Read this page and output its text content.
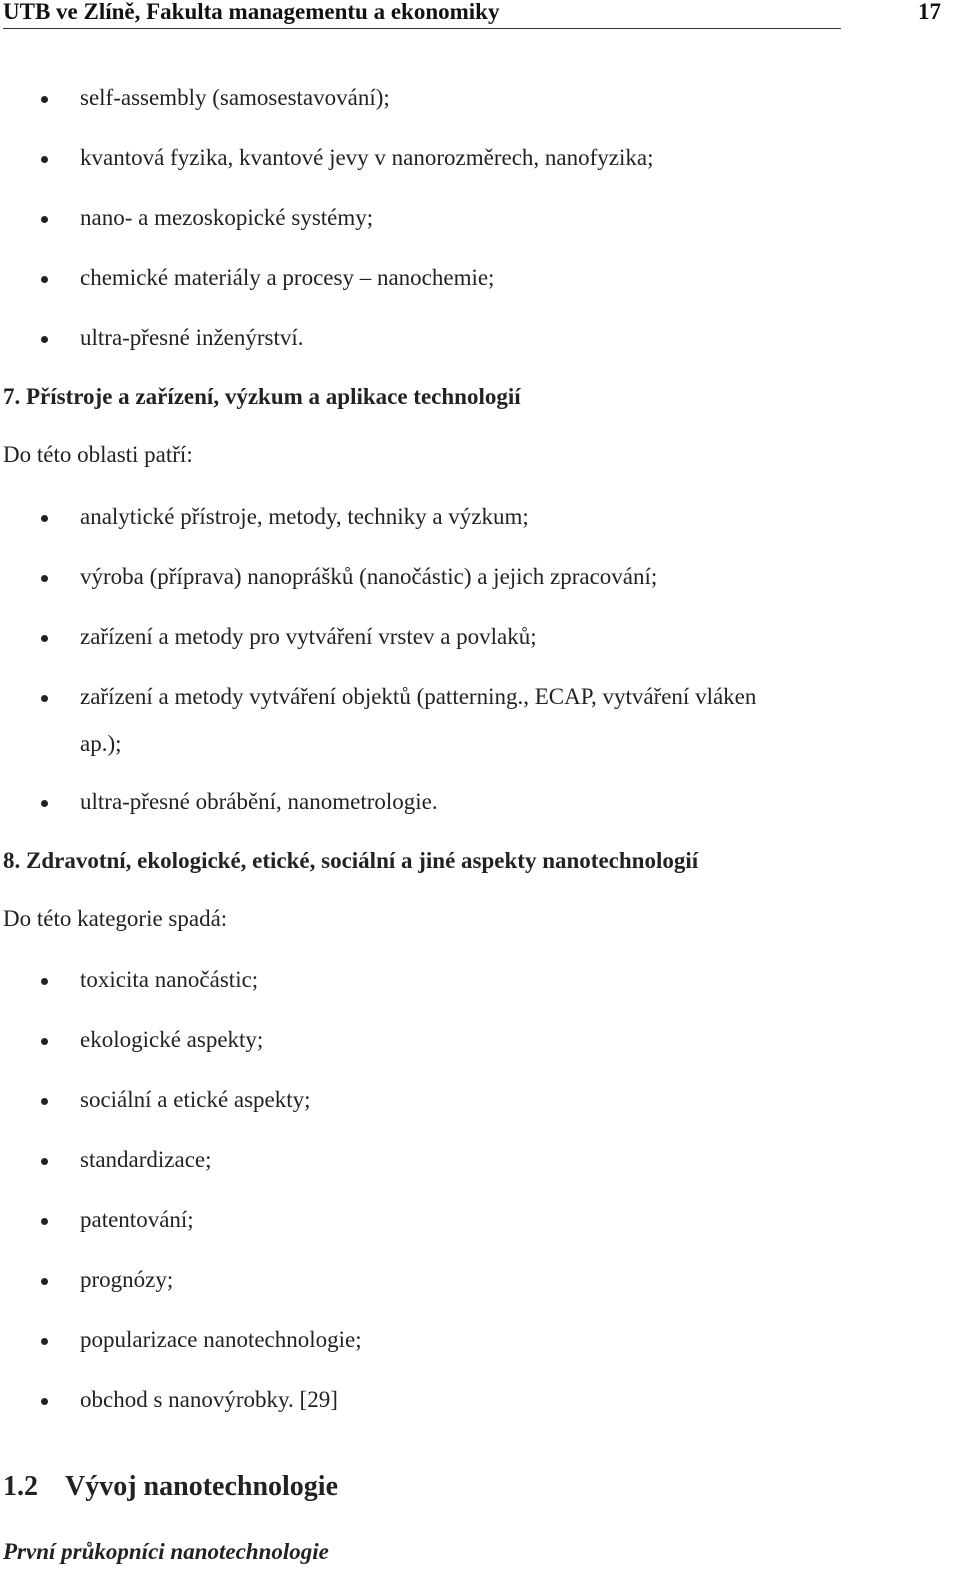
UTB ve Zlíně, Fakulta managementu a ekonomiky	17
self-assembly (samosestavování);
kvantová fyzika, kvantové jevy v nanorozměrech, nanofyzika;
nano- a mezoskopické systémy;
chemické materiály a procesy – nanochemie;
ultra-přesné inženýrství.
7. Přístroje a zařízení, výzkum a aplikace technologií
Do této oblasti patří:
analytické přístroje, metody, techniky a výzkum;
výroba (příprava) nanoprášků (nanočástic) a jejich zpracování;
zařízení a metody pro vytváření vrstev a povlaků;
zařízení a metody vytváření objektů (patterning., ECAP, vytváření vláken
ap.);
ultra-přesné obrábění, nanometrologie.
8. Zdravotní, ekologické, etické, sociální a jiné aspekty nanotechnologií
Do této kategorie spadá:
toxicita nanočástic;
ekologické aspekty;
sociální a etické aspekty;
standardizace;
patentování;
prognózy;
popularizace nanotechnologie;
obchod s nanovýrobky. [29]
1.2 Vývoj nanotechnologie
První průkopníci nanotechnologie
